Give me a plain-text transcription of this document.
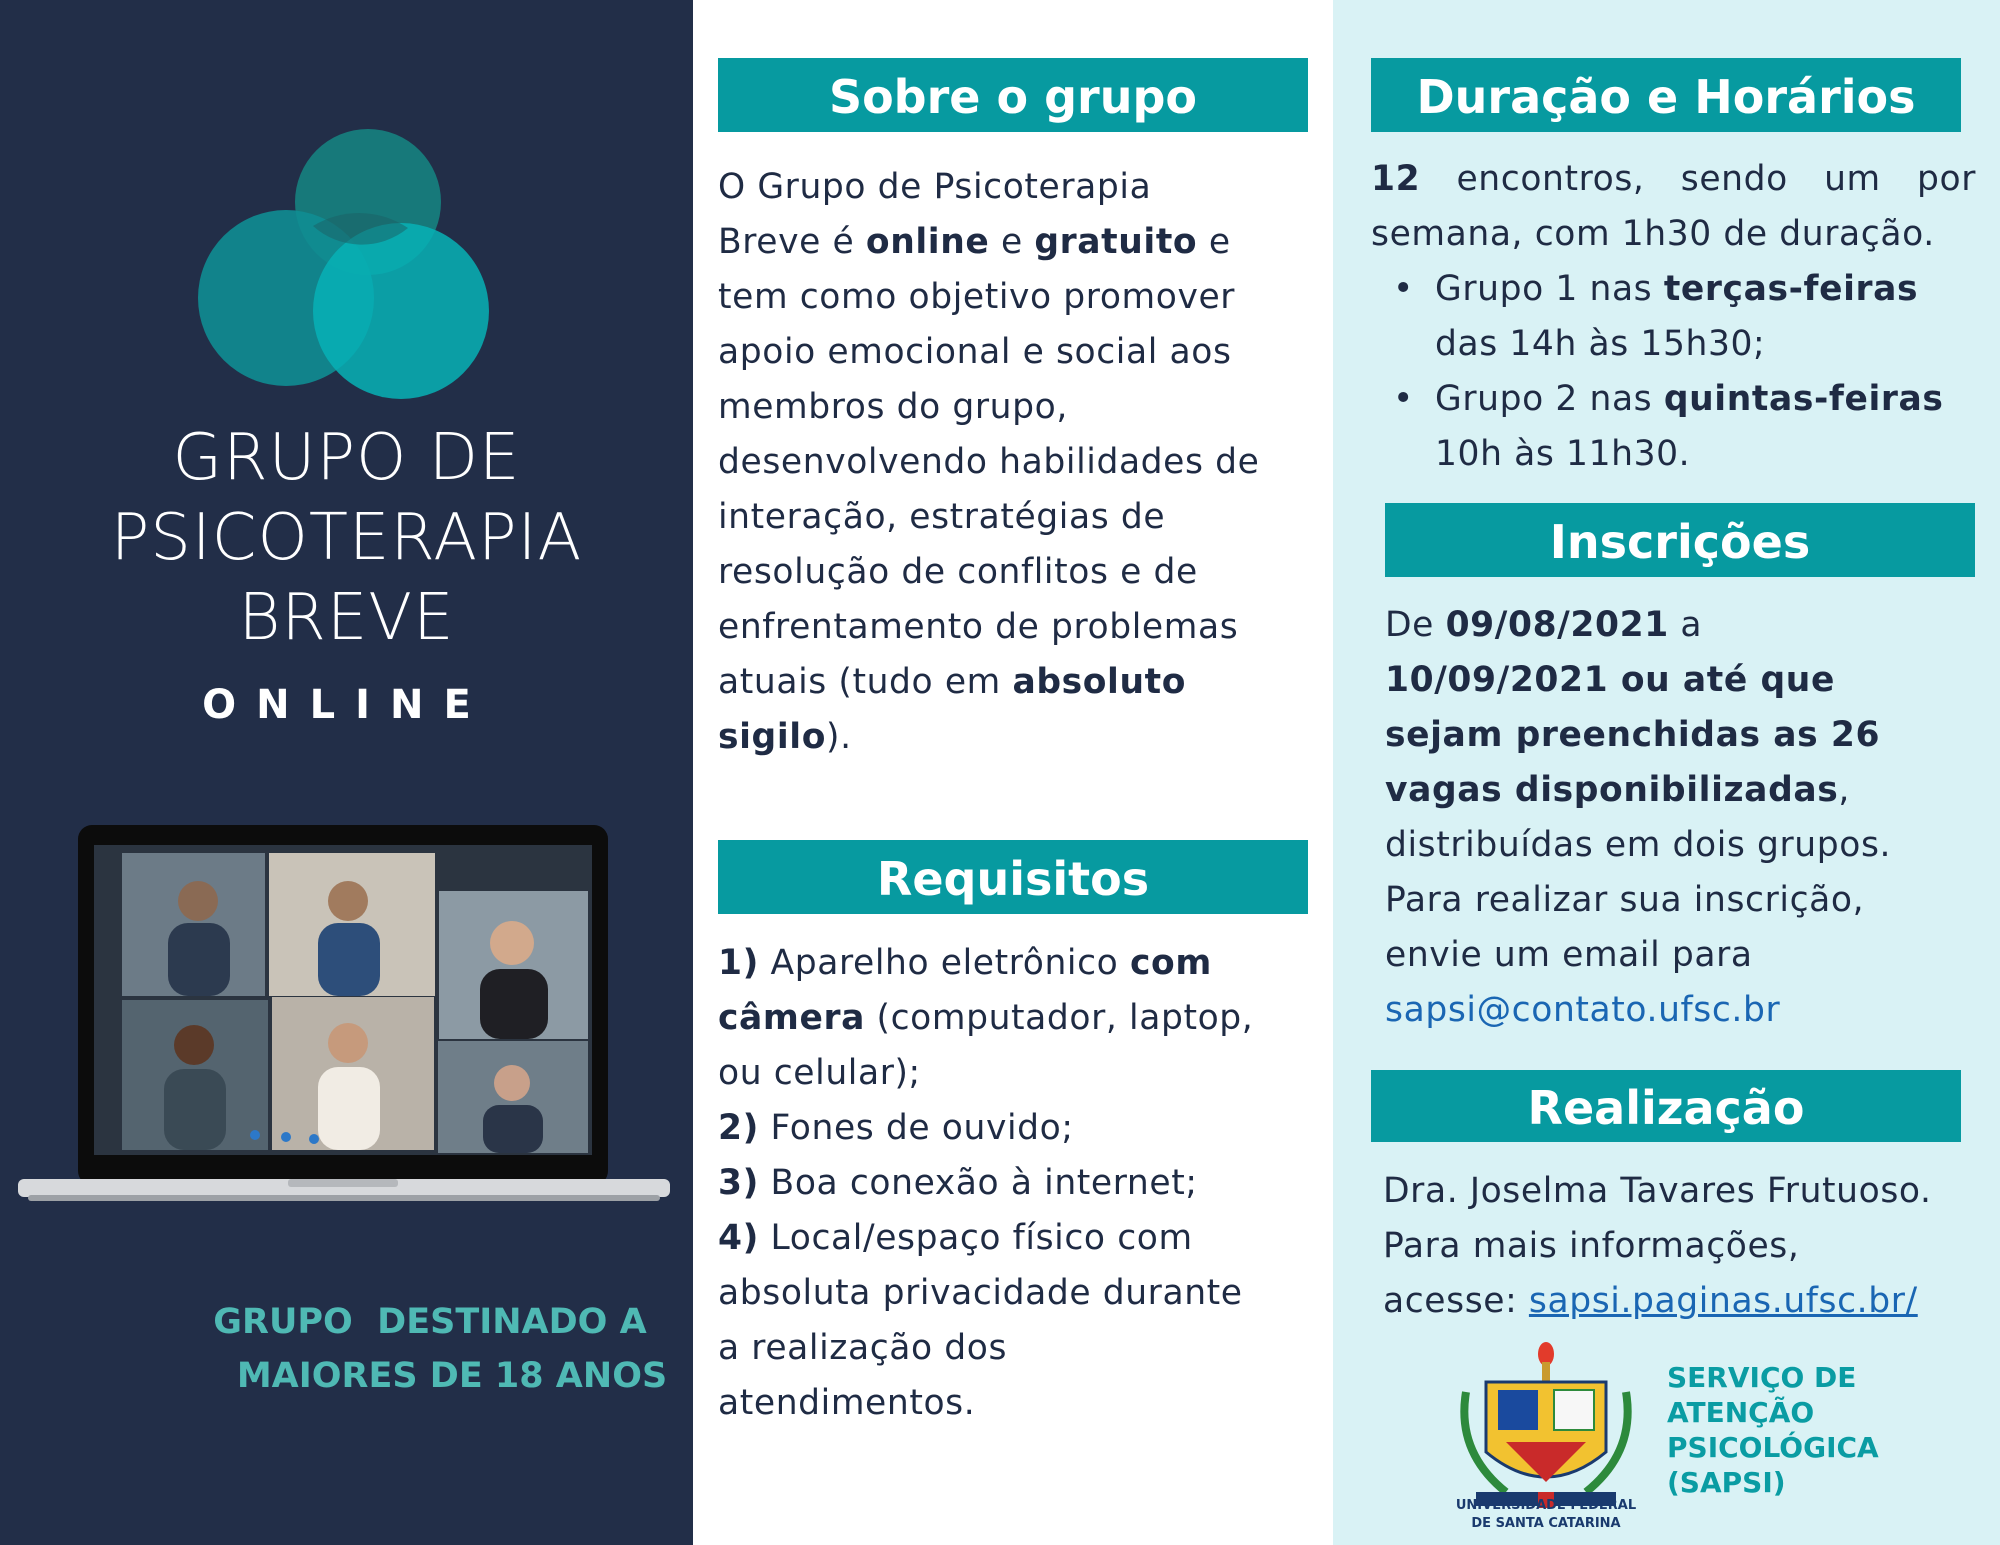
GRUPO DE
PSICOTERAPIA
BREVE
ONLINE
GRUPO  DESTINADO A
MAIORES DE 18 ANOS
Sobre o grupo
O Grupo de Psicoterapia
Breve é online e gratuito e
tem como objetivo promover
apoio emocional e social aos
membros do grupo,
desenvolvendo habilidades de
interação, estratégias de
resolução de conflitos e de
enfrentamento de problemas
atuais (tudo em absoluto
sigilo).
Requisitos
1) Aparelho eletrônico com
câmera (computador, laptop,
ou celular);
2) Fones de ouvido;
3) Boa conexão à internet;
4) Local/espaço físico com
absoluta privacidade durante
a realização dos
atendimentos.
Duração e Horários
12 encontros, sendo um por
semana, com 1h30 de duração.
• Grupo 1 nas terças-feiras
das 14h às 15h30;
• Grupo 2 nas quintas-feiras
10h às 11h30.
Inscrições
De 09/08/2021 a
10/09/2021 ou até que
sejam preenchidas as 26
vagas disponibilizadas,
distribuídas em dois grupos.
Para realizar sua inscrição,
envie um email para
sapsi@contato.ufsc.br
Realização
Dra. Joselma Tavares Frutuoso.
Para mais informações,
acesse: sapsi.paginas.ufsc.br/
UNIVERSIDADE FEDERAL
DE SANTA CATARINA
SERVIÇO DE
ATENÇÃO
PSICOLÓGICA
(SAPSI)
